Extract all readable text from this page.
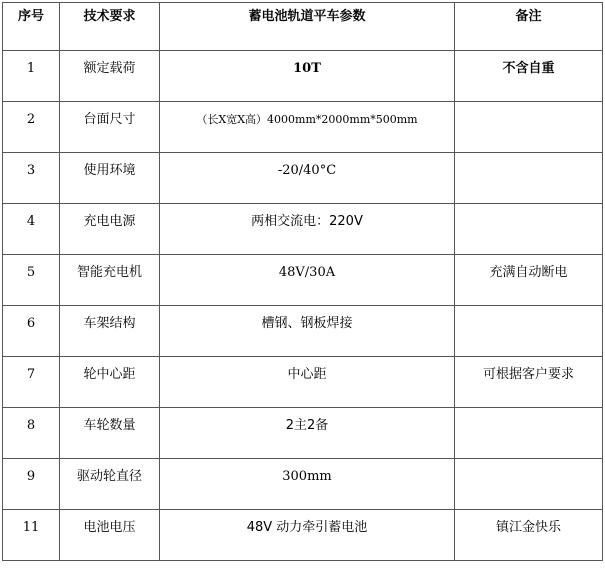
序号	技术要求	蓄电池轨道平车参数	备注
1	额定载荷	10T	不含自重
2	台面尺寸	（长X宽X高）4000mm*2000mm*500mm	
3	使用环境	-20/40°C	
4	充电电源	两相交流电：220V	
5	智能充电机	48V/30A	充满自动断电
6	车架结构	槽钢、钢板焊接	
7	轮中心距	中心距	可根据客户要求
8	车轮数量	2主2备	
9	驱动轮直径	300mm	
11	电池电压	48V 动力牵引蓄电池	镇江金快乐
